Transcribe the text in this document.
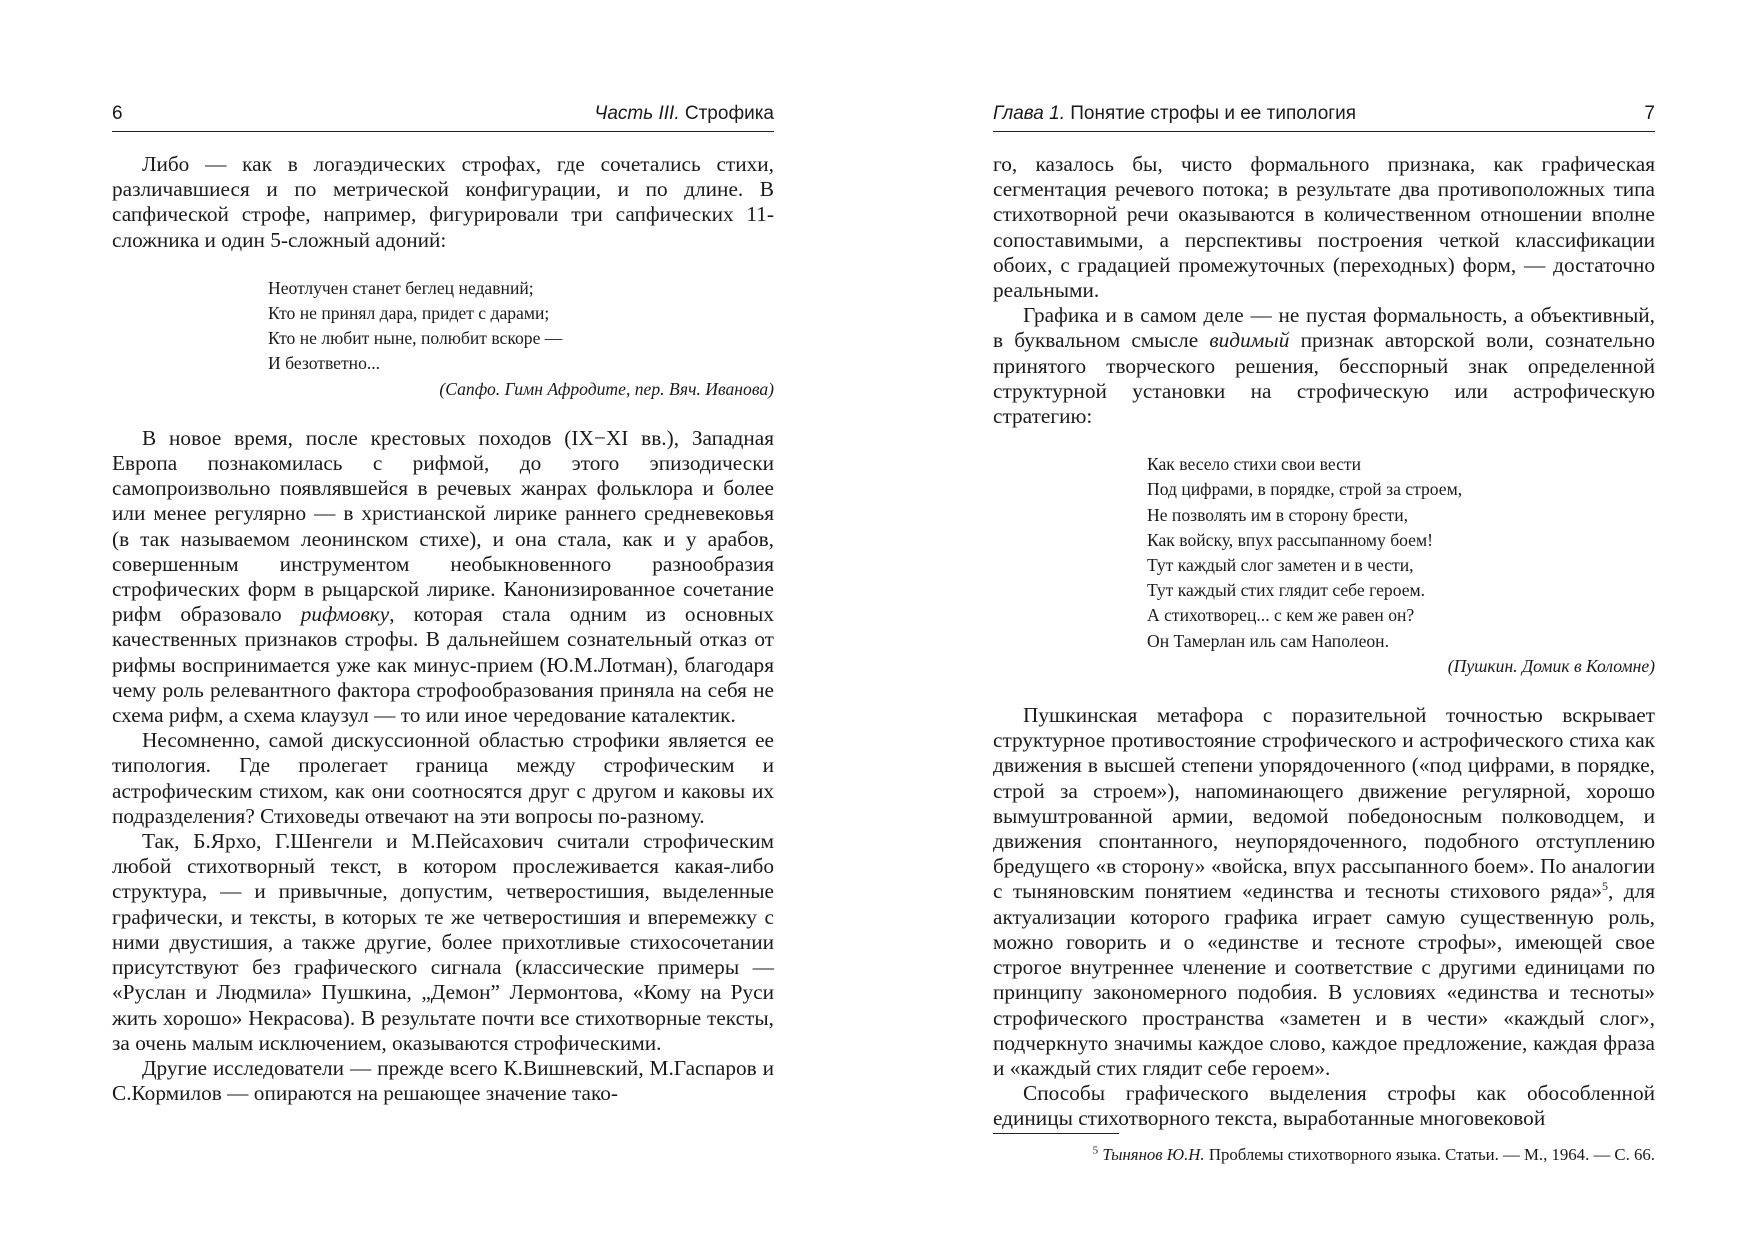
6	Часть III. Строфика

Либо — как в логаэдических строфах, где сочетались стихи, различавшиеся и по метрической конфигурации, и по длине. В сапфической строфе, например, фигурировали три сапфических 11-сложника и один 5-сложный адоний:

Неотлучен станет беглец недавний;
Кто не принял дара, придет с дарами;
Кто не любит ныне, полюбит вскоре —
И безответно...
(Сапфо. Гимн Афродите, пер. Вяч. Иванова)

В новое время, после крестовых походов (IX−XI вв.), Западная Европа познакомилась с рифмой, до этого эпизодически самопроизвольно появлявшейся в речевых жанрах фольклора и более или менее регулярно — в христианской лирике раннего средневековья (в так называемом леонинском стихе), и она стала, как и у арабов, совершенным инструментом необыкновенного разнообразия строфических форм в рыцарской лирике. Канонизированное сочетание рифм образовало рифмовку, которая стала одним из основных качественных признаков строфы. В дальнейшем сознательный отказ от рифмы воспринимается уже как минус-прием (Ю.М.Лотман), благодаря чему роль релевантного фактора строфообразования приняла на себя не схема рифм, а схема клаузул — то или иное чередование каталектик.

Несомненно, самой дискуссионной областью строфики является ее типология. Где пролегает граница между строфическим и астрофическим стихом, как они соотносятся друг с другом и каковы их подразделения? Стиховеды отвечают на эти вопросы по-разному.

Так, Б.Ярхо, Г.Шенгели и М.Пейсахович считали строфическим любой стихотворный текст, в котором прослеживается какая-либо структура, — и привычные, допустим, четверостишия, выделенные графически, и тексты, в которых те же четверостишия и вперемежку с ними двустишия, а также другие, более прихотливые стихосочетании присутствуют без графического сигнала (классические примеры — «Руслан и Людмила» Пушкина, „Демон” Лермонтова, «Кому на Руси жить хорошо» Некрасова). В результате почти все стихотворные тексты, за очень малым исключением, оказываются строфическими.

Другие исследователи — прежде всего К.Вишневский, М.Гаспаров и С.Кормилов — опираются на решающее значение тако-

Глава 1. Понятие строфы и ее типология	7

го, казалось бы, чисто формального признака, как графическая сегментация речевого потока; в результате два противоположных типа стихотворной речи оказываются в количественном отношении вполне сопоставимыми, а перспективы построения четкой классификации обоих, с градацией промежуточных (переходных) форм, — достаточно реальными.

Графика и в самом деле — не пустая формальность, а объективный, в буквальном смысле видимый признак авторской воли, сознательно принятого творческого решения, бесспорный знак определенной структурной установки на строфическую или астрофическую стратегию:

Как весело стихи свои вести
Под цифрами, в порядке, строй за строем,
Не позволять им в сторону брести,
Как войску, впух рассыпанному боем!
Тут каждый слог заметен и в чести,
Тут каждый стих глядит себе героем.
А стихотворец... с кем же равен он?
Он Тамерлан иль сам Наполеон.
(Пушкин. Домик в Коломне)

Пушкинская метафора с поразительной точностью вскрывает структурное противостояние строфического и астрофического стиха как движения в высшей степени упорядоченного («под цифрами, в порядке, строй за строем»), напоминающего движение регулярной, хорошо вымуштрованной армии, ведомой победоносным полководцем, и движения спонтанного, неупорядоченного, подобного отступлению бредущего «в сторону» «войска, впух рассыпанного боем». По аналогии с тыняновским понятием «единства и тесноты стихового ряда»$^5$, для актуализации которого графика играет самую существенную роль, можно говорить и о «единстве и тесноте строфы», имеющей свое строгое внутреннее членение и соответствие с другими единицами по принципу закономерного подобия. В условиях «единства и тесноты» строфического пространства «заметен и в чести» «каждый слог», подчеркнуто значимы каждое слово, каждое предложение, каждая фраза и «каждый стих глядит себе героем».

Способы графического выделения строфы как обособленной единицы стихотворного текста, выработанные многовековой

$^5$ Тынянов Ю.Н. Проблемы стихотворного языка. Статьи. — М., 1964. — С. 66.
